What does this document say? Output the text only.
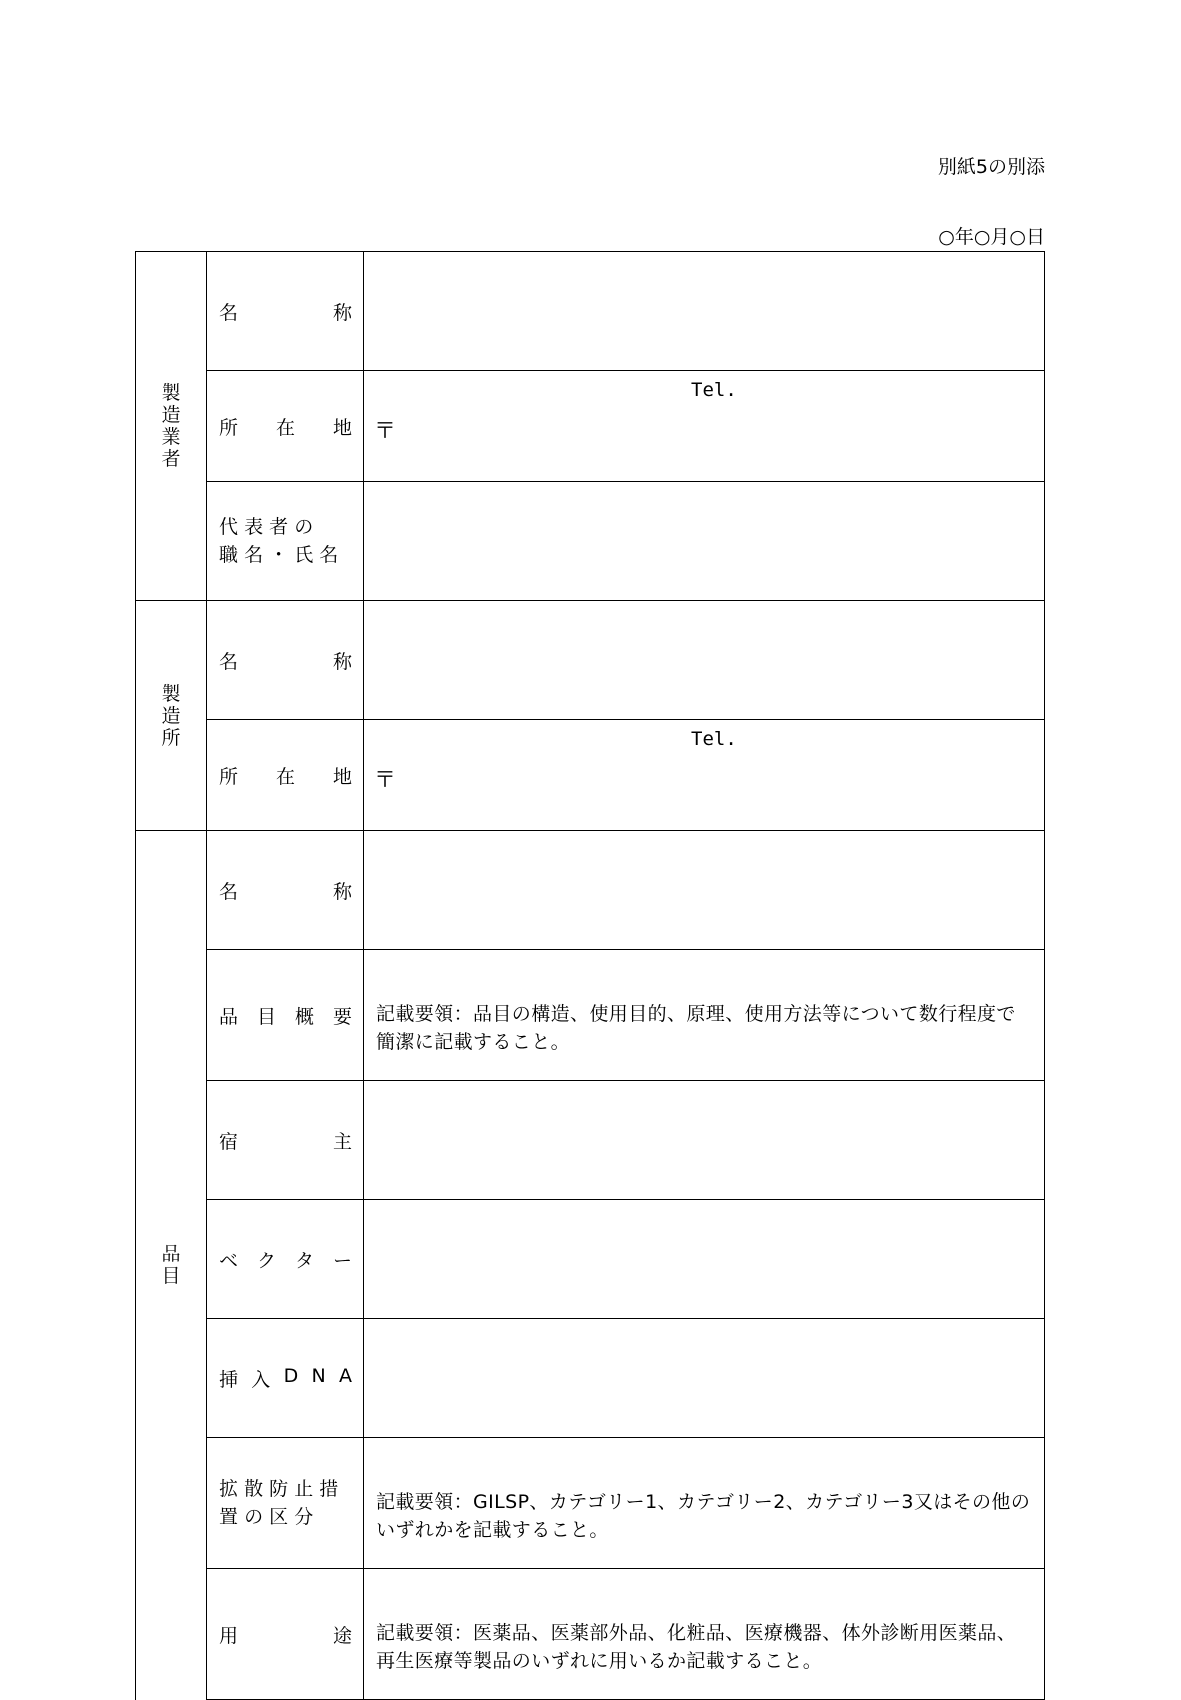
別紙5の別添
○年○月○日
製造業者	名 称	

	所 在 地	〒
Tel.

	代 表 者 の
職 名 ・ 氏 名	

製造所	名 称	

	所 在 地	〒
Tel.

品目	名 称	

	品 目 概 要	記載要領：品目の構造、使用目的、原理、使用方法等について数行程度で簡潔に記載すること。

	宿 主	

	ベ ク タ ー	

	挿 入 D N A	

	拡 散 防 止 措
置 の 区 分	記載要領：GILSP、カテゴリー1、カテゴリー2、カテゴリー3又はその他のいずれかを記載すること。

	用 途	記載要領：医薬品、医薬部外品、化粧品、医療機器、体外診断用医薬品、再生医療等製品のいずれに用いるか記載すること。
